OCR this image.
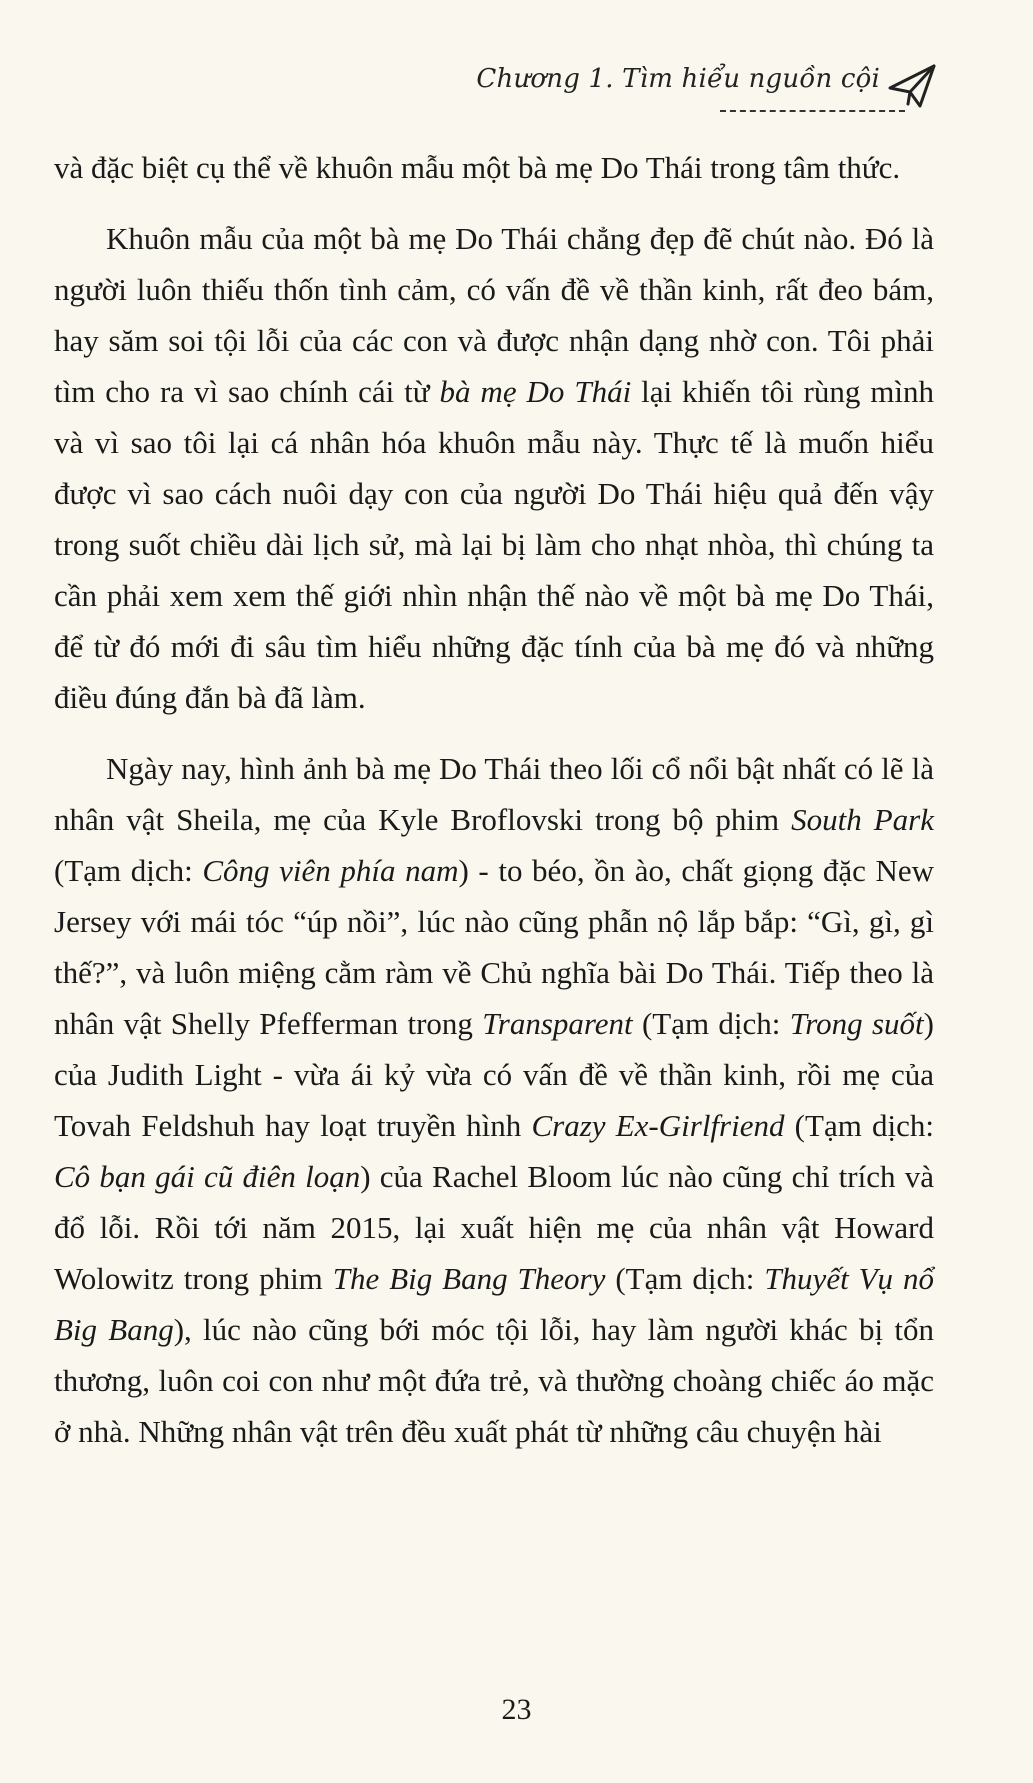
Chương 1. Tìm hiểu nguồn cội

và đặc biệt cụ thể về khuôn mẫu một bà mẹ Do Thái trong tâm thức.

Khuôn mẫu của một bà mẹ Do Thái chẳng đẹp đẽ chút nào. Đó là người luôn thiếu thốn tình cảm, có vấn đề về thần kinh, rất đeo bám, hay săm soi tội lỗi của các con và được nhận dạng nhờ con. Tôi phải tìm cho ra vì sao chính cái từ bà mẹ Do Thái lại khiến tôi rùng mình và vì sao tôi lại cá nhân hóa khuôn mẫu này. Thực tế là muốn hiểu được vì sao cách nuôi dạy con của người Do Thái hiệu quả đến vậy trong suốt chiều dài lịch sử, mà lại bị làm cho nhạt nhòa, thì chúng ta cần phải xem xem thế giới nhìn nhận thế nào về một bà mẹ Do Thái, để từ đó mới đi sâu tìm hiểu những đặc tính của bà mẹ đó và những điều đúng đắn bà đã làm.

Ngày nay, hình ảnh bà mẹ Do Thái theo lối cổ nổi bật nhất có lẽ là nhân vật Sheila, mẹ của Kyle Broflovski trong bộ phim South Park (Tạm dịch: Công viên phía nam) - to béo, ồn ào, chất giọng đặc New Jersey với mái tóc “úp nồi”, lúc nào cũng phẫn nộ lắp bắp: “Gì, gì, gì thế?”, và luôn miệng cằm ràm về Chủ nghĩa bài Do Thái. Tiếp theo là nhân vật Shelly Pfefferman trong Transparent (Tạm dịch: Trong suốt) của Judith Light - vừa ái kỷ vừa có vấn đề về thần kinh, rồi mẹ của Tovah Feldshuh hay loạt truyền hình Crazy Ex-Girlfriend (Tạm dịch: Cô bạn gái cũ điên loạn) của Rachel Bloom lúc nào cũng chỉ trích và đổ lỗi. Rồi tới năm 2015, lại xuất hiện mẹ của nhân vật Howard Wolowitz trong phim The Big Bang Theory (Tạm dịch: Thuyết Vụ nổ Big Bang), lúc nào cũng bới móc tội lỗi, hay làm người khác bị tổn thương, luôn coi con như một đứa trẻ, và thường choàng chiếc áo mặc ở nhà. Những nhân vật trên đều xuất phát từ những câu chuyện hài

23
